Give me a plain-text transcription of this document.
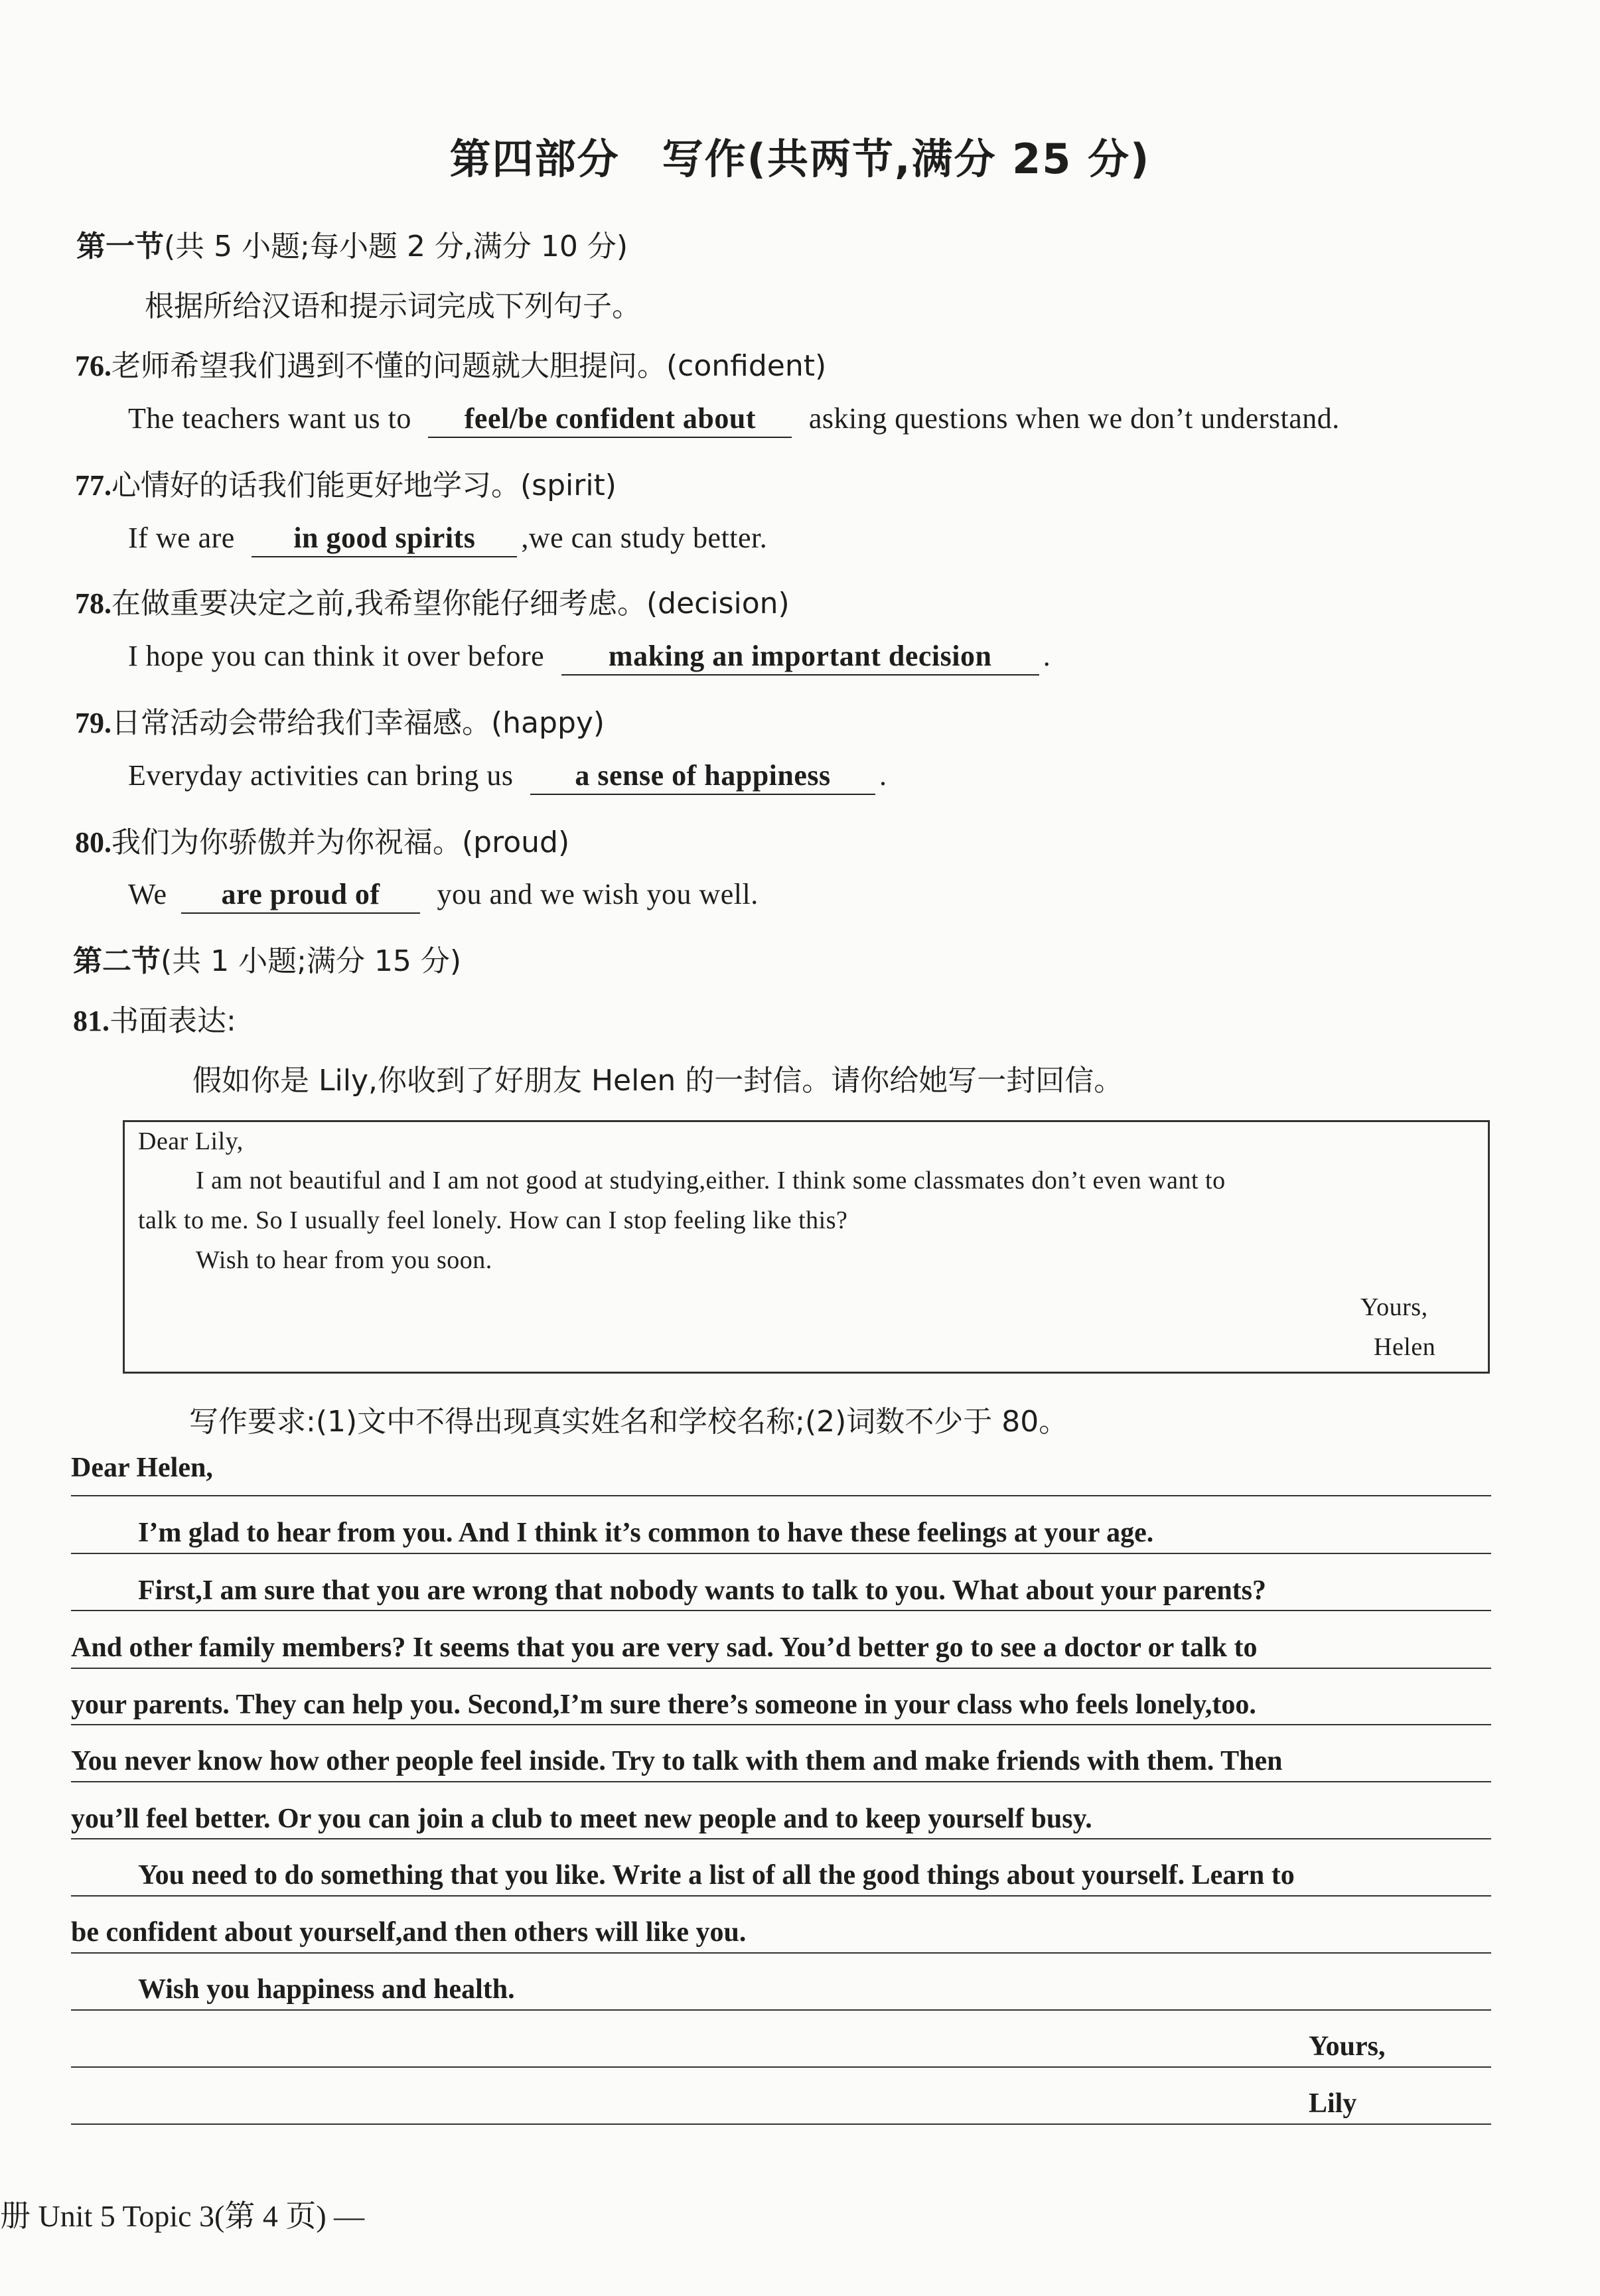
第四部分　写作(共两节,满分 25 分)
第一节(共 5 小题;每小题 2 分,满分 10 分)
根据所给汉语和提示词完成下列句子。
76.老师希望我们遇到不懂的问题就大胆提问。(confident)
The teachers want us to feel/be confident about asking questions when we don’t understand.
77.心情好的话我们能更好地学习。(spirit)
If we are in good spirits ,we can study better.
78.在做重要决定之前,我希望你能仔细考虑。(decision)
I hope you can think it over before making an important decision .
79.日常活动会带给我们幸福感。(happy)
Everyday activities can bring us a sense of happiness .
80.我们为你骄傲并为你祝福。(proud)
We are proud of you and we wish you well.
第二节(共 1 小题;满分 15 分)
81.书面表达:
假如你是 Lily,你收到了好朋友 Helen 的一封信。请你给她写一封回信。
Dear Lily,
I am not beautiful and I am not good at studying,either. I think some classmates don’t even want to
talk to me. So I usually feel lonely. How can I stop feeling like this?
Wish to hear from you soon.
Yours,
Helen
写作要求:(1)文中不得出现真实姓名和学校名称;(2)词数不少于 80。
Dear Helen,
I’m glad to hear from you. And I think it’s common to have these feelings at your age.
First,I am sure that you are wrong that nobody wants to talk to you. What about your parents?
And other family members? It seems that you are very sad. You’d better go to see a doctor or talk to
your parents. They can help you. Second,I’m sure there’s someone in your class who feels lonely,too.
You never know how other people feel inside. Try to talk with them and make friends with them. Then
you’ll feel better. Or you can join a club to meet new people and to keep yourself busy.
You need to do something that you like. Write a list of all the good things about yourself. Learn to
be confident about yourself,and then others will like you.
Wish you happiness and health.
Yours,
Lily
册 Unit 5 Topic 3(第 4 页) —
